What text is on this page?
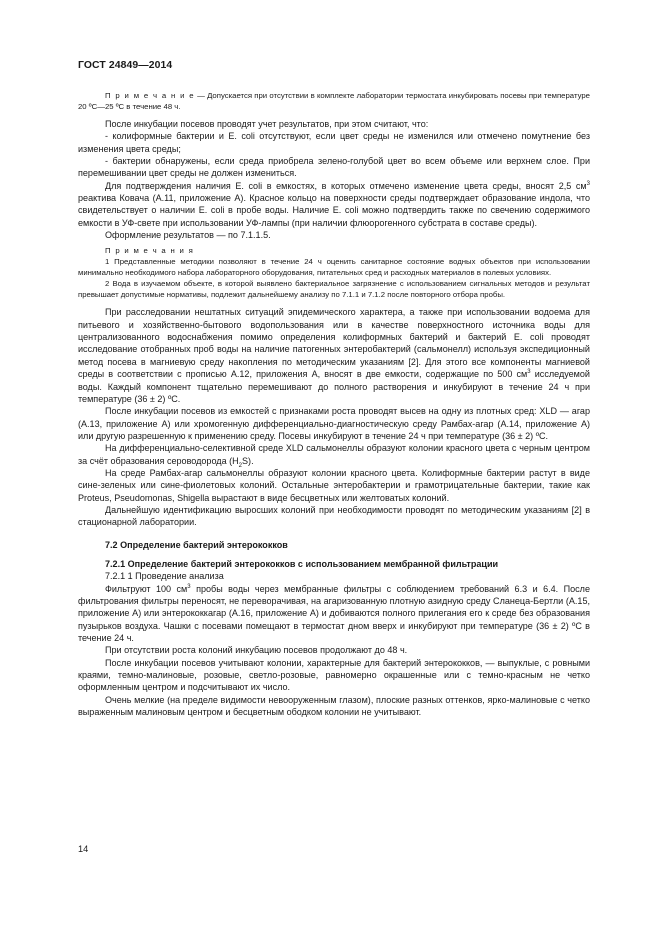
ГОСТ 24849—2014

П р и м е ч а н и е — Допускается при отсутствии в комплекте лаборатории термостата инкубировать посевы при температуре 20 ºС—25 ºС в течение 48 ч.

После инкубации посевов проводят учет результатов, при этом считают, что:

- колиформные бактерии и E. coli отсутствуют, если цвет среды не изменился или отмечено помутнение без изменения цвета среды;

- бактерии обнаружены, если среда приобрела зелено-голубой цвет во всем объеме или верхнем слое. При перемешивании цвет среды не должен измениться.

Для подтверждения наличия E. coli в емкостях, в которых отмечено изменение цвета среды, вносят 2,5 $см^3$ реактива Ковача (А.11, приложение А). Красное кольцо на поверхности среды подтверждает образование индола, что свидетельствует о наличии E. coli в пробе воды. Наличие E. coli можно подтвердить также по свечению содержимого емкости в УФ-свете при использовании УФ-лампы (при наличии флюорогенного субстрата в составе среды).

Оформление результатов — по 7.1.1.5.

П р и м е ч а н и я

1 Представленные методики позволяют в течение 24 ч оценить санитарное состояние водных объектов при использовании минимально необходимого набора лабораторного оборудования, питательных сред и расходных материалов в полевых условиях.

2 Вода в изучаемом объекте, в которой выявлено бактериальное загрязнение с использованием сигнальных методов и результат превышает допустимые нормативы, подлежит дальнейшему анализу по 7.1.1 и 7.1.2 после повторного отбора пробы.

При расследовании нештатных ситуаций эпидемического характера, а также при использовании водоема для питьевого и хозяйственно-бытового водопользования или в качестве поверхностного источника воды для централизованного водоснабжения помимо определения колиформных бактерий и бактерий E. coli проводят исследование отобранных проб воды на наличие патогенных энтеробактерий (сальмонелл) используя экспедиционный метод посева в магниевую среду накопления по методическим указаниям [2]. Для этого все компоненты магниевой среды в соответствии с прописью А.12, приложения А, вносят в две емкости, содержащие по 500 $см^3$ исследуемой воды. Каждый компонент тщательно перемешивают до полного растворения и инкубируют в течение 24 ч при температуре (36 ± 2) ºС.

После инкубации посевов из емкостей с признаками роста проводят высев на одну из плотных сред: XLD — агар (А.13, приложение А) или хромогенную дифференциально-диагностическую среду Рамбах-агар (А.14, приложение А) или другую разрешенную к применению среду. Посевы инкубируют в течение 24 ч при температуре (36 ± 2) ºС.

На дифференциально-селективной среде XLD сальмонеллы образуют колонии красного цвета с черным центром за счёт образования сероводорода $(H_2S)$.

На среде Рамбах-агар сальмонеллы образуют колонии красного цвета. Колиформные бактерии растут в виде сине-зеленых или сине-фиолетовых колоний. Остальные энтеробактерии и грамотрицательные бактерии, такие как Proteus, Pseudomonas, Shigella вырастают в виде бесцветных или желтоватых колоний.

Дальнейшую идентификацию выросших колоний при необходимости проводят по методическим указаниям [2] в стационарной лаборатории.

7.2 Определение бактерий энтерококков

7.2.1 Определение бактерий энтерококков с использованием мембранной фильтрации

7.2.1 1 Проведение анализа

Фильтруют 100 $см^3$ пробы воды через мембранные фильтры с соблюдением требований 6.3 и 6.4. После фильтрования фильтры переносят, не переворачивая, на агаризованную плотную азидную среду Сланеца-Бертли (А.15, приложение А) или энтерококкагар (А.16, приложение А) и добиваются полного прилегания его к среде без образования пузырьков воздуха. Чашки с посевами помещают в термостат дном вверх и инкубируют при температуре (36 ± 2) ºС в течение 24 ч.

При отсутствии роста колоний инкубацию посевов продолжают до 48 ч.

После инкубации посевов учитывают колонии, характерные для бактерий энтерококков, — выпуклые, с ровными краями, темно-малиновые, розовые, светло-розовые, равномерно окрашенные или с темно-красным не четко оформленным центром и подсчитывают их число.

Очень мелкие (на пределе видимости невооруженным глазом), плоские разных оттенков, ярко-малиновые с четко выраженным малиновым центром и бесцветным ободком колонии не учитывают.

14
